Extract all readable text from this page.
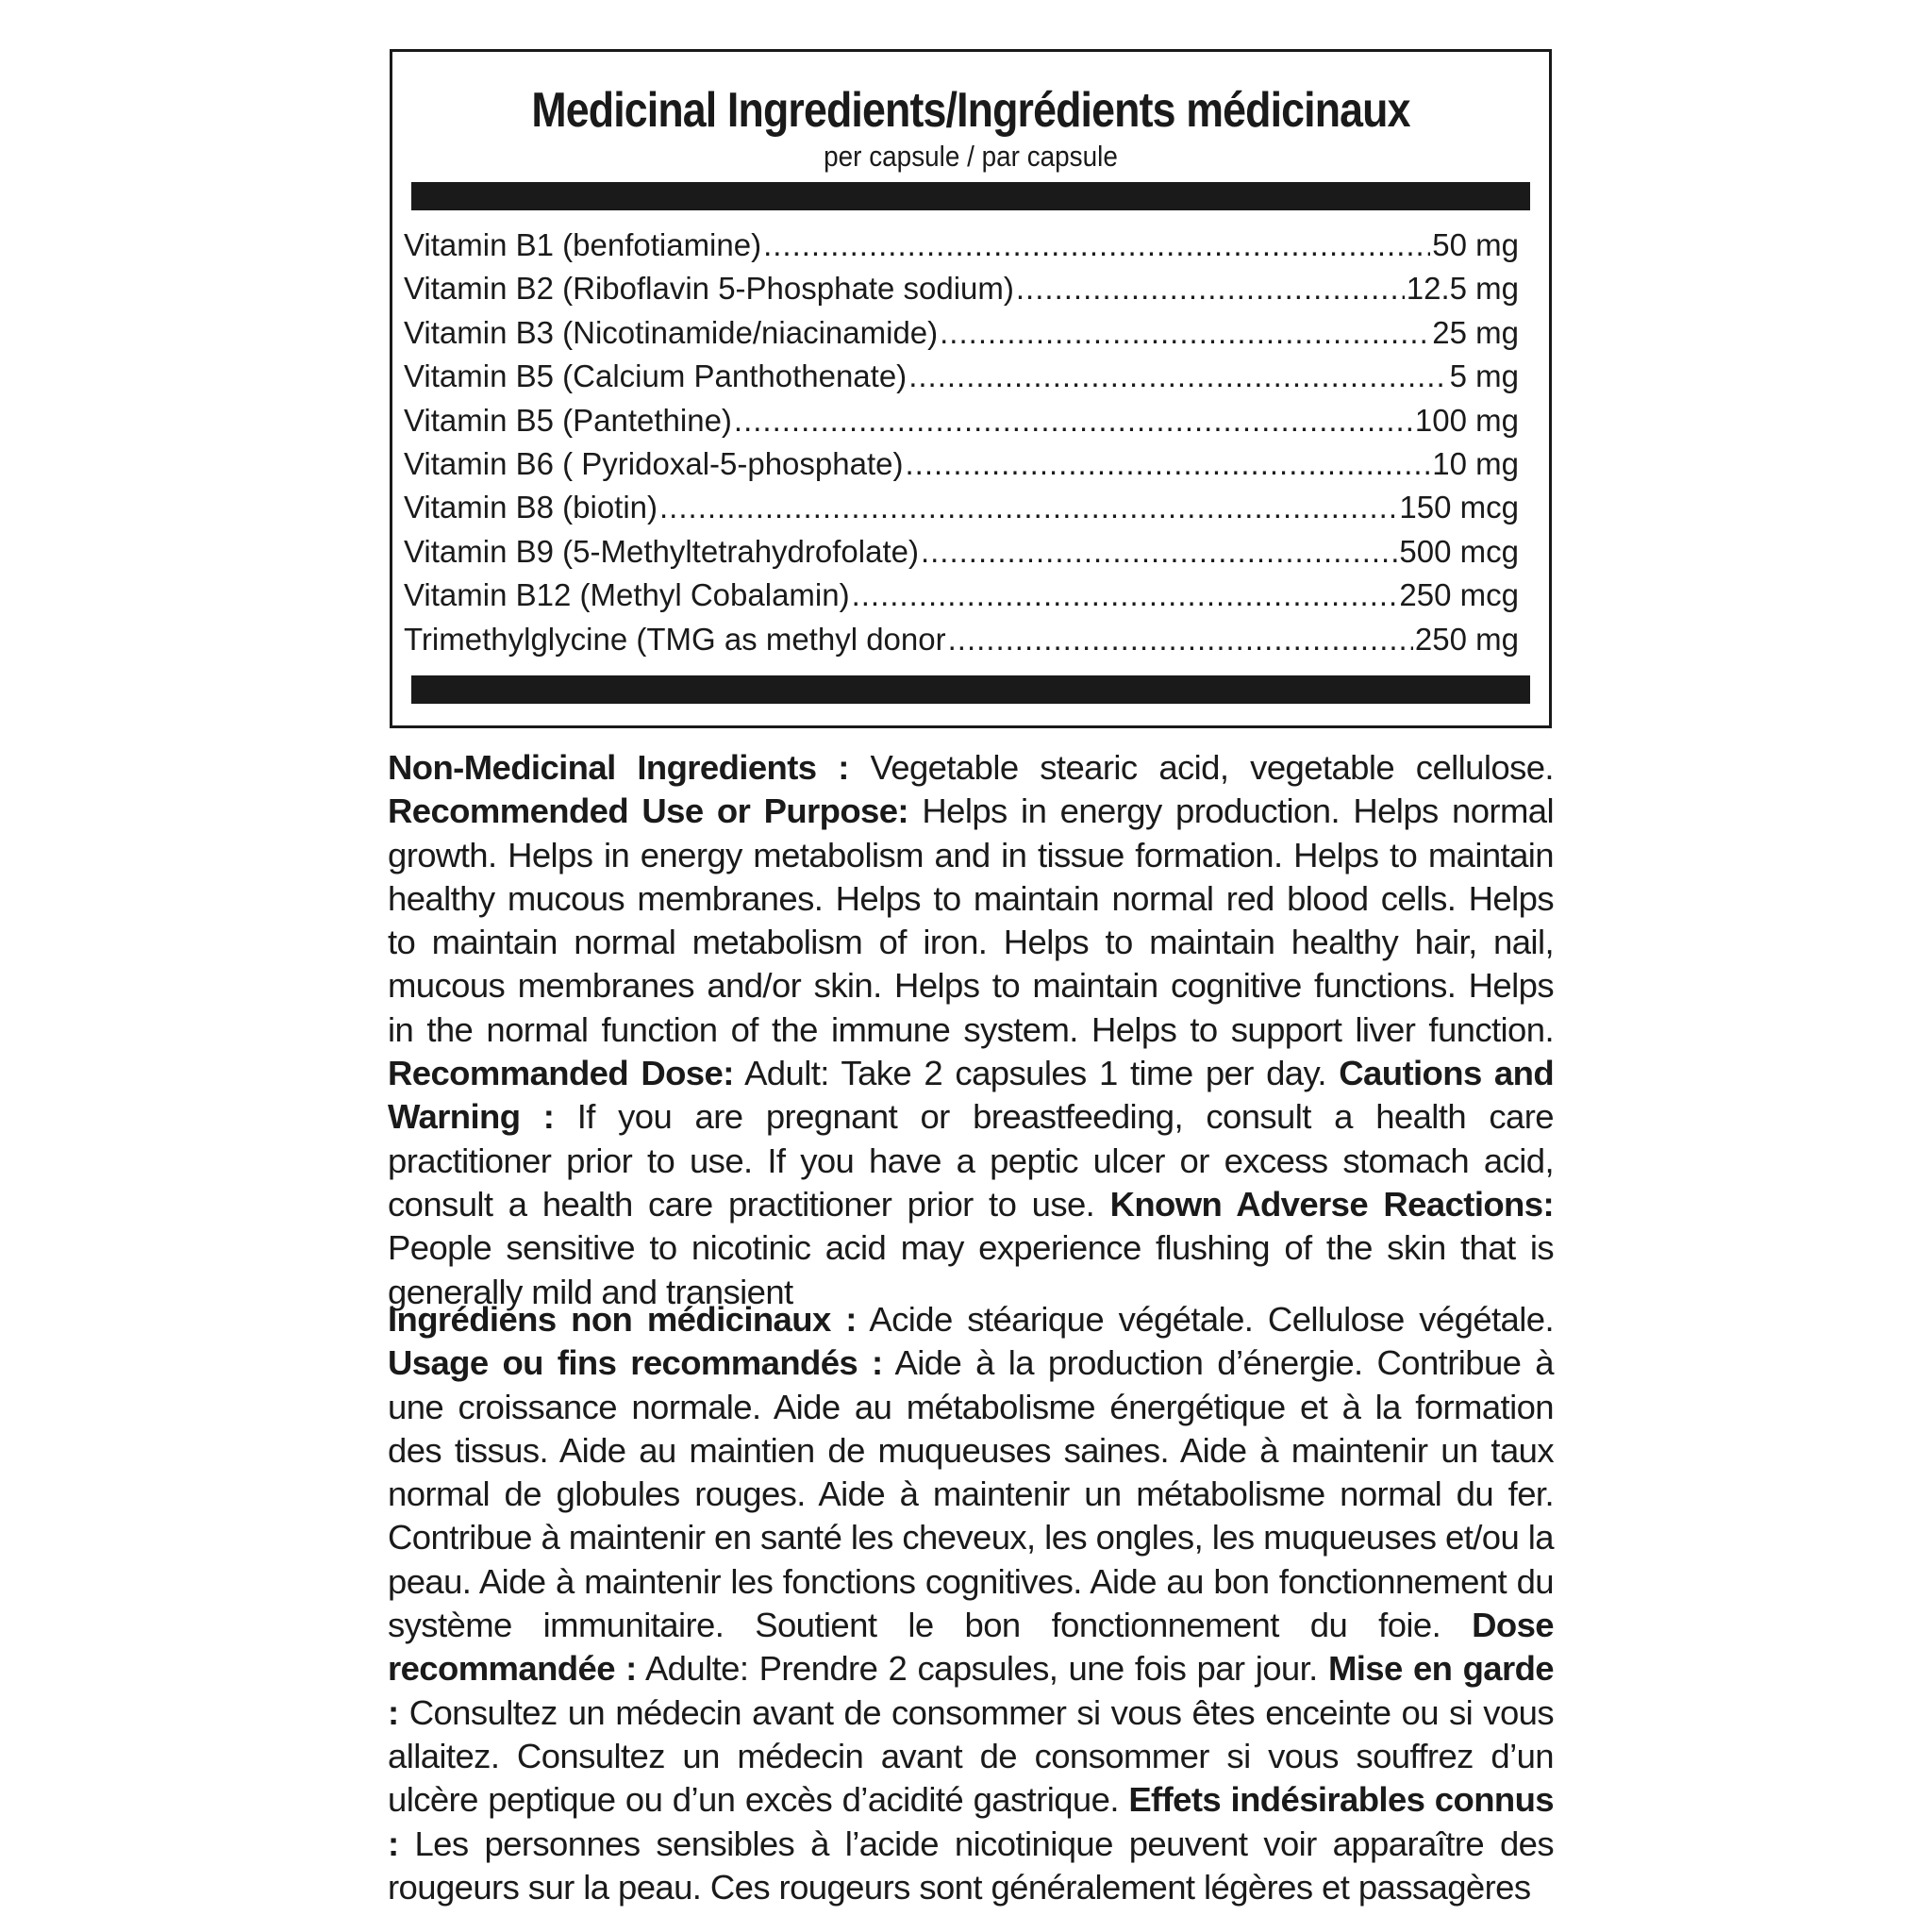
Medicinal Ingredients/Ingrédients médicinaux
per capsule / par capsule
Vitamin B1 (benfotiamine) .....	50 mg
Vitamin B2 (Riboflavin 5-Phosphate sodium) .....	12.5 mg
Vitamin B3 (Nicotinamide/niacinamide) .....	25 mg
Vitamin B5 (Calcium Panthothenate) .....	5 mg
Vitamin B5 (Pantethine) .....	100 mg
Vitamin B6 ( Pyridoxal-5-phosphate) .....	10 mg
Vitamin B8 (biotin) .....	150 mcg
Vitamin B9 (5-Methyltetrahydrofolate) .....	500 mcg
Vitamin B12 (Methyl Cobalamin) .....	250 mcg
Trimethylglycine (TMG as methyl donor .....	250 mg
Non-Medicinal Ingredients : Vegetable stearic acid, vegetable cellulose. Recommended Use or Purpose: Helps in energy production. Helps normal growth. Helps in energy metabolism and in tissue formation. Helps to maintain healthy mucous membranes. Helps to maintain normal red blood cells. Helps to maintain normal metabolism of iron. Helps to maintain healthy hair, nail, mucous membranes and/or skin. Helps to maintain cognitive functions. Helps in the normal function of the immune system. Helps to support liver function. Recommanded Dose: Adult: Take 2 capsules 1 time per day. Cautions and Warning : If you are pregnant or breastfeeding, consult a health care practitioner prior to use. If you have a peptic ulcer or excess stomach acid, consult a health care practitioner prior to use. Known Adverse Reactions: People sensitive to nicotinic acid may experience flushing of the skin that is generally mild and transient
Ingrédiens non médicinaux : Acide stéarique végétale. Cellulose végétale. Usage ou fins recommandés : Aide à la production d’énergie. Contribue à une croissance normale. Aide au métabolisme énergétique et à la formation des tissus. Aide au maintien de muqueuses saines. Aide à maintenir un taux normal de globules rouges. Aide à maintenir un métabolisme normal du fer. Contribue à maintenir en santé les cheveux, les ongles, les muqueuses et/ou la peau. Aide à maintenir les fonctions cognitives. Aide au bon fonctionnement du système immunitaire. Soutient le bon fonctionnement du foie. Dose recommandée : Adulte: Prendre 2 capsules, une fois par jour. Mise en garde : Consultez un médecin avant de consommer si vous êtes enceinte ou si vous allaitez. Consultez un médecin avant de consommer si vous souffrez d’un ulcère peptique ou d’un excès d’acidité gastrique. Effets indésirables connus : Les personnes sensibles à l’acide nicotinique peuvent voir apparaître des rougeurs sur la peau. Ces rougeurs sont généralement légères et passagères
